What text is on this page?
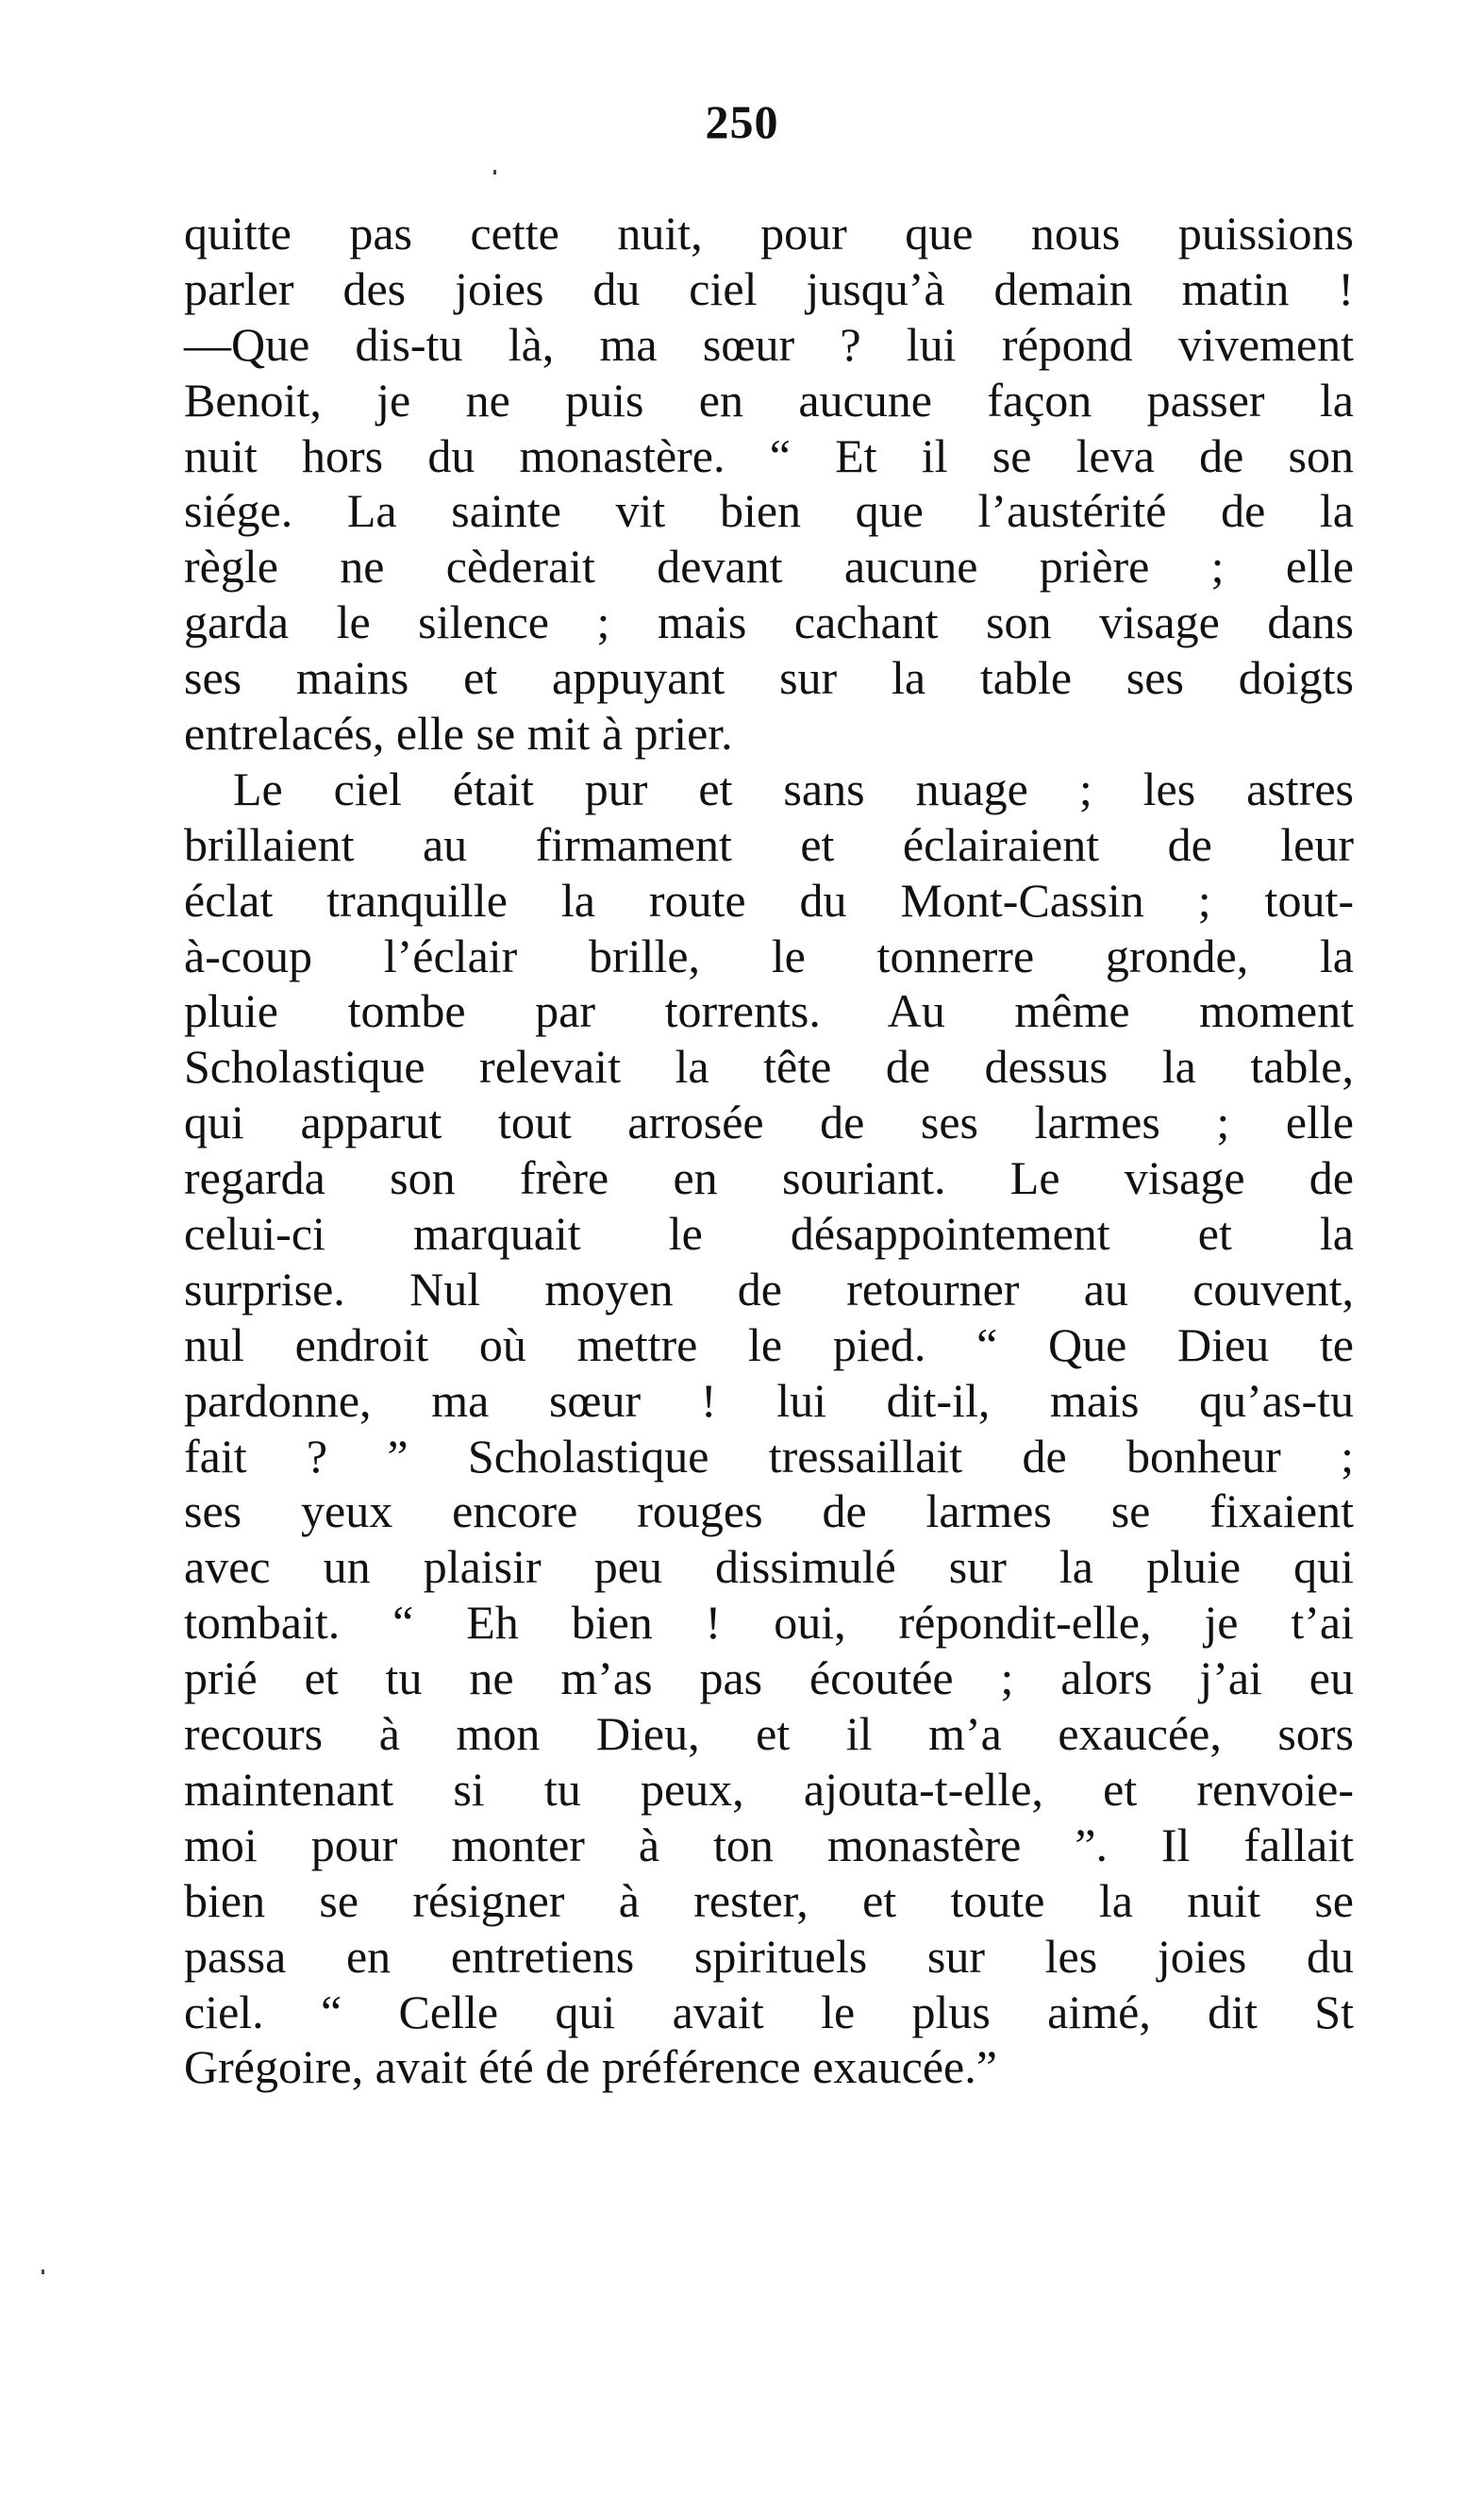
250
quitte pas cette nuit, pour que nous puissions
parler des joies du ciel jusqu’à demain matin !
—Que dis-tu là, ma sœur ? lui répond vivement
Benoit, je ne puis en aucune façon passer la
nuit hors du monastère. “ Et il se leva de son
siége. La sainte vit bien que l’austérité de la
règle ne cèderait devant aucune prière ; elle
garda le silence ; mais cachant son visage dans
ses mains et appuyant sur la table ses doigts
entrelacés, elle se mit à prier.
Le ciel était pur et sans nuage ; les astres
brillaient au firmament et éclairaient de leur
éclat tranquille la route du Mont-Cassin ; tout-
à-coup l’éclair brille, le tonnerre gronde, la
pluie tombe par torrents. Au même moment
Scholastique relevait la tête de dessus la table,
qui apparut tout arrosée de ses larmes ; elle
regarda son frère en souriant. Le visage de
celui-ci marquait le désappointement et la
surprise. Nul moyen de retourner au couvent,
nul endroit où mettre le pied. “ Que Dieu te
pardonne, ma sœur ! lui dit-il, mais qu’as-tu
fait ? ” Scholastique tressaillait de bonheur ;
ses yeux encore rouges de larmes se fixaient
avec un plaisir peu dissimulé sur la pluie qui
tombait. “ Eh bien ! oui, répondit-elle, je t’ai
prié et tu ne m’as pas écoutée ; alors j’ai eu
recours à mon Dieu, et il m’a exaucée, sors
maintenant si tu peux, ajouta-t-elle, et renvoie-
moi pour monter à ton monastère ”. Il fallait
bien se résigner à rester, et toute la nuit se
passa en entretiens spirituels sur les joies du
ciel. “ Celle qui avait le plus aimé, dit St
Grégoire, avait été de préférence exaucée.”
